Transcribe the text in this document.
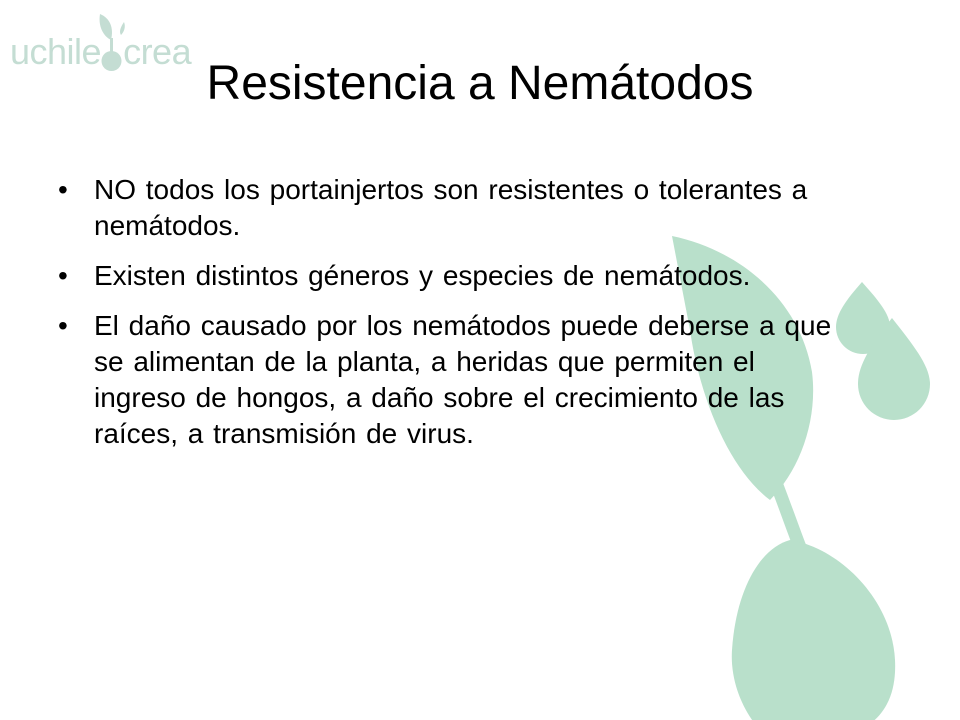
uchile crea
Resistencia a Nemátodos
• NO todos los portainjertos son resistentes o tolerantes a nemátodos.
• Existen distintos géneros y especies de nemátodos.
• El daño causado por los nemátodos puede deberse a que se alimentan de la planta, a heridas que permiten el ingreso de hongos, a daño sobre el crecimiento de las raíces, a transmisión de virus.
